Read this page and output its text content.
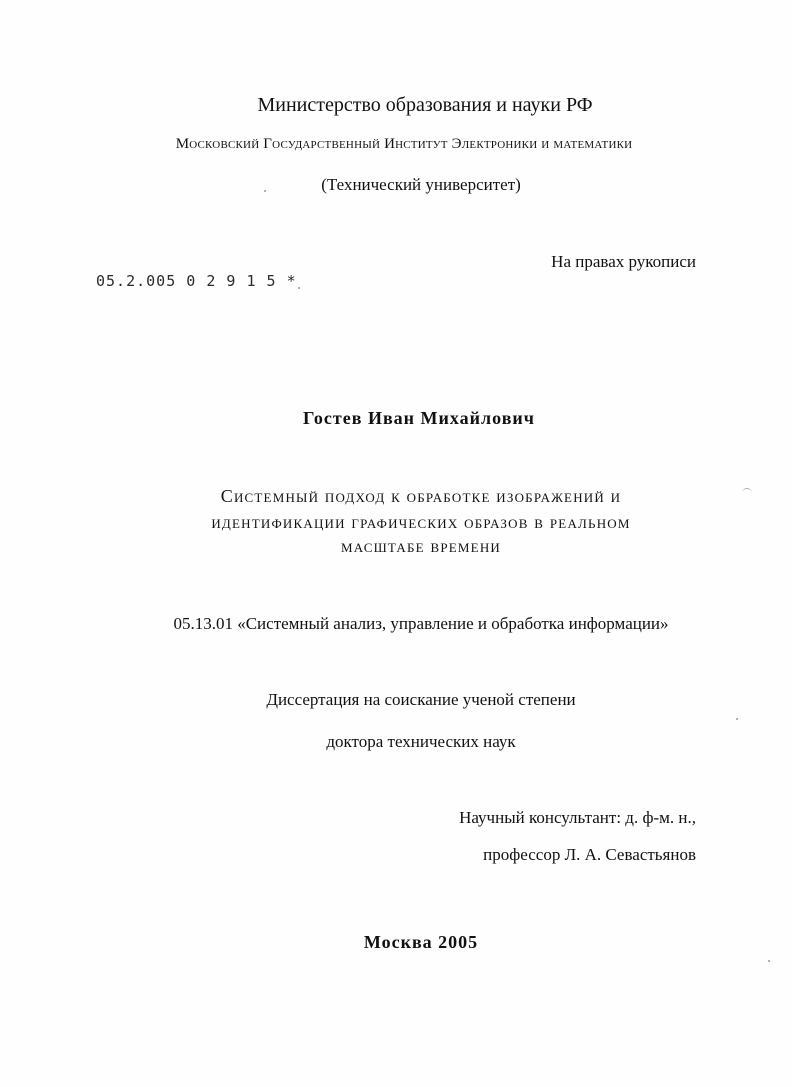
Министерство образования и науки РФ
Московский Государственный Институт Электроники и математики
(Технический университет)
На правах рукописи
05.2.005 0 2 9 1 5 *
Гостев Иван Михайлович
Системный подход к обработке изображений и
идентификации графических образов в реальном
масштабе времени
05.13.01 «Системный анализ, управление и обработка информации»
Диссертация на соискание ученой степени
доктора технических наук
Научный консультант: д. ф-м. н.,
профессор Л. А. Севастьянов
Москва 2005
